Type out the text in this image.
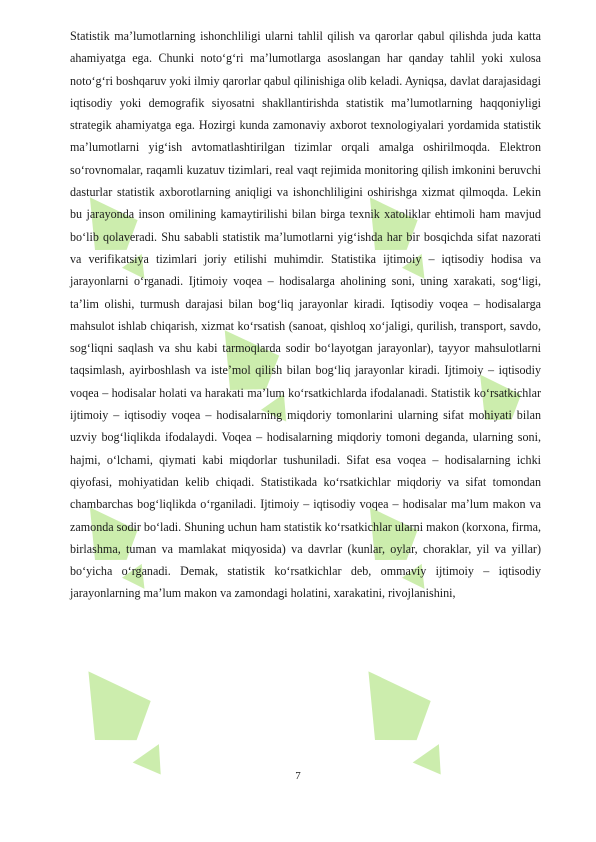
Statistik ma’lumotlarning ishonchliligi ularni tahlil qilish va qarorlar qabul qilishda juda katta ahamiyatga ega. Chunki noto‘g‘ri ma’lumotlarga asoslangan har qanday tahlil yoki xulosa noto‘g‘ri boshqaruv yoki ilmiy qarorlar qabul qilinishiga olib keladi. Ayniqsa, davlat darajasidagi iqtisodiy yoki demografik siyosatni shakllantirishda statistik ma’lumotlarning haqqoniyligi strategik ahamiyatga ega. Hozirgi kunda zamonaviy axborot texnologiyalari yordamida statistik ma’lumotlarni yig‘ish avtomatlashtirilgan tizimlar orqali amalga oshirilmoqda. Elektron so‘rovnomalar, raqamli kuzatuv tizimlari, real vaqt rejimida monitoring qilish imkonini beruvchi dasturlar statistik axborotlarning aniqligi va ishonchliligini oshirishga xizmat qilmoqda. Lekin bu jarayonda inson omilining kamaytirilishi bilan birga texnik xatoliklar ehtimoli ham mavjud bo‘lib qolaveradi. Shu sababli statistik ma’lumotlarni yig‘ishda har bir bosqichda sifat nazorati va verifikatsiya tizimlari joriy etilishi muhimdir. Statistika ijtimoiy – iqtisodiy hodisa va jarayonlarni o‘rganadi. Ijtimoiy voqea – hodisalarga aholining soni, uning xarakati, sog‘ligi, ta’lim olishi, turmush darajasi bilan bog‘liq jarayonlar kiradi. Iqtisodiy voqea – hodisalarga mahsulot ishlab chiqarish, xizmat ko‘rsatish (sanoat, qishloq xo‘jaligi, qurilish, transport, savdo, sog‘liqni saqlash va shu kabi tarmoqlarda sodir bo‘layotgan jarayonlar), tayyor mahsulotlarni taqsimlash, ayirboshlash va iste’mol qilish bilan bog‘liq jarayonlar kiradi. Ijtimoiy – iqtisodiy voqea – hodisalar holati va harakati ma’lum ko‘rsatkichlarda ifodalanadi. Statistik ko‘rsatkichlar ijtimoiy – iqtisodiy voqea – hodisalarning miqdoriy tomonlarini ularning sifat mohiyati bilan uzviy bog‘liqlikda ifodalaydi. Voqea – hodisalarning miqdoriy tomoni deganda, ularning soni, hajmi, o‘lchami, qiymati kabi miqdorlar tushuniladi. Sifat esa voqea – hodisalarning ichki qiyofasi, mohiyatidan kelib chiqadi. Statistikada ko‘rsatkichlar miqdoriy va sifat tomondan chambarchas bog‘liqlikda o‘rganiladi. Ijtimoiy – iqtisodiy voqea – hodisalar ma’lum makon va zamonda sodir bo‘ladi. Shuning uchun ham statistik ko‘rsatkichlar ularni makon (korxona, firma, birlashma, tuman va mamlakat miqyosida) va davrlar (kunlar, oylar, choraklar, yil va yillar) bo‘yicha o‘rganadi. Demak, statistik ko‘rsatkichlar deb, ommaviy ijtimoiy – iqtisodiy jarayonlarning ma’lum makon va zamondagi holatini, xarakatini, rivojlanishini,

7
